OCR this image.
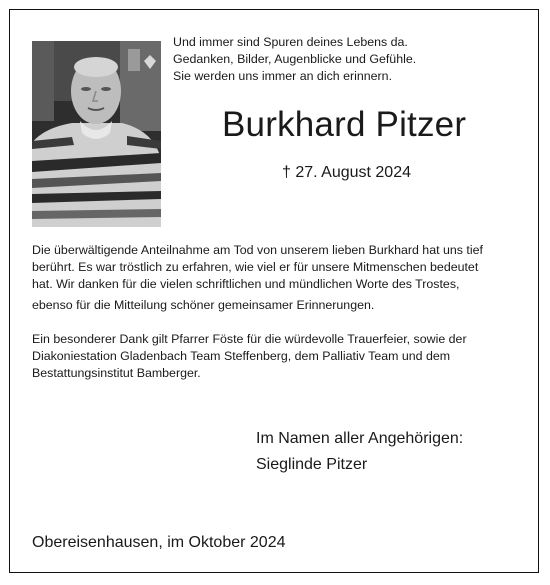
Und immer sind Spuren deines Lebens da.
Gedanken, Bilder, Augenblicke und Gefühle.
Sie werden uns immer an dich erinnern.
Burkhard Pitzer
† 27. August 2024
Die überwältigende Anteilnahme am Tod von unserem lieben Burkhard hat uns tief
berührt. Es war tröstlich zu erfahren, wie viel er für unsere Mitmenschen bedeutet
hat. Wir danken für die vielen schriftlichen und mündlichen Worte des Trostes,
ebenso für die Mitteilung schöner gemeinsamer Erinnerungen.
Ein besonderer Dank gilt Pfarrer Föste für die würdevolle Trauerfeier, sowie der
Diakoniestation Gladenbach Team Steffenberg, dem Palliativ Team und dem
Bestattungsinstitut Bamberger.
Im Namen aller Angehörigen:
Sieglinde Pitzer
Obereisenhausen, im Oktober 2024
